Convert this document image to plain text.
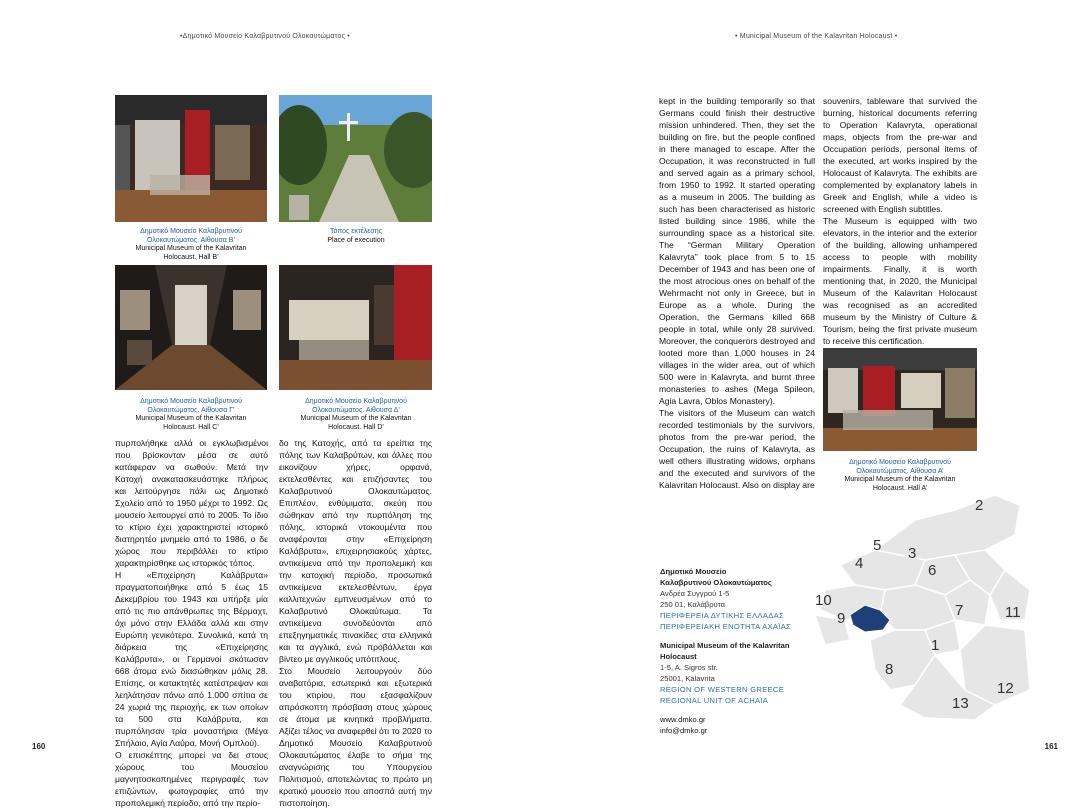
•Δημοτικό Μουσείο Καλαβρυτινού Ολοκαυτώματος •
Δημοτικό Μουσείο Καλαβρυτινού Ολοκαυτώματος. Αίθουσα Β’
Municipal Museum of the Kalavritan Holocaust. Hall B’
Τόπος εκτέλεσης
Place of execution
Δημοτικό Μουσείο Καλαβρυτινού Ολοκαυτώματος. Αίθουσα Γ’
Municipal Museum of the Kalavritan Holocaust. Hall C’
Δημοτικό Μουσείο Καλαβρυτινού Ολοκαυτώματος. Αίθουσα Δ’
Municipal Museum of the Kalavritan Holocaust. Hall D’

πυρπολήθηκε αλλά οι εγκλωβισμένοι που βρίσκονταν μέσα σε αυτό κατάφεραν να σωθούν. Μετά την Κατοχή ανακατασκευάστηκε πλήρως και λειτούργησε πάλι ως Δημοτικό Σχολείο από το 1950 μέχρι το 1992. Ως μουσείο λειτουργεί από το 2005. Το ίδιο το κτίριο έχει χαρακτηριστεί ιστορικό διατηρητέο μνημείο από το 1986, ο δε χώρος που περιβάλλει το κτίριο χαρακτηρίσθηκε ως ιστορικός τόπος.

Η «Επιχείρηση Καλάβρυτα» πραγματοποιήθηκε από 5 έως 15 Δεκεμβρίου του 1943 και υπήρξε μία από τις πιο απάνθρωπες της Βέρμαχτ, όχι μόνο στην Ελλάδα αλλά και στην Ευρώπη γενικότερα. Συνολικά, κατά τη διάρκεια της «Επιχείρησης Καλάβρυτα», οι Γερμανοί σκότωσαν 668 άτομα ενώ διασώθηκαν μόλις 28. Επίσης, οι κατακτητές κατέστρεψαν και λεηλάτησαν πάνω από 1.000 σπίτια σε 24 χωριά της περιοχής, εκ των οποίων τα 500 στα Καλάβρυτα, και πυρπόλησαν τρία μοναστήρια (Μέγα Σπήλαιο, Αγία Λαύρα, Μονή Ομπλού).

Ο επισκέπτης μπορεί να δει στους χώρους του Μουσείου μαγνητοσκοπημένες περιγραφές των επιζώντων, φωτογραφίες από την προπολεμική περίοδο, από την περίο-

δο της Κατοχής, από τα ερείπια της πόλης των Καλαβρύτων, και άλλες που εικονίζουν χήρες, ορφανά, εκτελεσθέντες και επιζήσαντες του Καλαβρυτινού Ολοκαυτώματος. Επιπλέον, ενθύμιματα, σκεύη που σώθηκαν από την πυρπόληση της πόλης, ιστορικά ντοκουμέντα που αναφέρονται στην «Επιχείρηση Καλάβρυτα», επιχειρησιακούς χάρτες, αντικείμενα από την προπολεμική και την κατοχική περίοδο, προσωπικά αντικείμενα εκτελεσθέντων, έργα καλλιτεχνών εμπνευσμένων από το Καλαβρυτινό Ολοκαύτωμα. Τα αντικείμενα συνοδεύονται από επεξηγηματικές πινακίδες στα ελληνικά και τα αγγλικά, ενώ προβάλλεται και βίντεο με αγγλικούς υπότιτλους.

Στο Μουσείο λειτουργούν δύο αναβατόρια, εσωτερικά και εξωτερικά του κτιρίου, που εξασφαλίζουν απρόσκοπτη πρόσβαση στους χώρους σε άτομα με κινητικά προβλήματα. Αξίζει τέλος να αναφερθεί ότι το 2020 το Δημοτικό Μουσείο Καλαβρυτινού Ολοκαυτώματος έλαβε το σήμα της αναγνώρισης του Υπουργείου Πολιτισμού, αποτελώντας το πρώτο μη κρατικό μουσείο που αποσπά αυτή την πιστοποίηση.

160
• Municipal Museum of the Kalavritan Holocaust •

kept in the building temporarily so that Germans could finish their destructive mission unhindered. Then, they set the building on fire, but the people confined in there managed to escape. After the Occupation, it was reconstructed in full and served again as a primary school, from 1950 to 1992. It started operating as a museum in 2005. The building as such has been characterised as historic listed building since 1986, while the surrounding space as a historical site. The “German Military Operation Kalavryta” took place from 5 to 15 December of 1943 and has been one of the most atrocious ones on behalf of the Wehrmacht not only in Greece, but in Europe as a whole. During the Operation, the Germans killed 668 people in total, while only 28 survived. Moreover, the conquerors destroyed and looted more than 1,000 houses in 24 villages in the wider area, out of which 500 were in Kalavryta, and burnt three monasteries to ashes (Mega Spileon, Agia Lavra, Oblos Monastery).

The visitors of the Museum can watch recorded testimonials by the survivors, photos from the pre-war period, the Occupation, the ruins of Kalavryta, as well others illustrating widows, orphans and the executed and survivors of the Kalavritan Holocaust. Also on display are

souvenirs, tableware that survived the burning, historical documents referring to Operation Kalavryta, operational maps, objects from the pre-war and Occupation periods, personal items of the executed, art works inspired by the Holocaust of Kalavryta. The exhibits are complemented by explanatory labels in Greek and English, while a video is screened with English subtitles.

The Museum is equipped with two elevators, in the interior and the exterior of the building, allowing unhampered access to people with mobility impairments. Finally, it is worth mentioning that, in 2020, the Municipal Museum of the Kalavritan Holocaust was recognised as an accredited museum by the Ministry of Culture & Tourism, being the first private museum to receive this certification.

Δημοτικό Μουσείο Καλαβρυτινού Ολοκαυτώματος. Αίθουσα Α’
Municipal Museum of the Kalavritan Holocaust. Hall A’
Δημοτικό Μουσείο
Καλαβρυτινού Ολοκαυτώματος
Ανδρέα Συγγρού 1-5
250 01, Καλάβρυτα
ΠΕΡΙΦΕΡΕΙΑ ΔΥΤΙΚΗΣ ΕΛΛΑΔΑΣ
ΠΕΡΙΦΕΡΕΙΑΚΗ ΕΝΟΤΗΤΑ ΑΧΑΪΑΣ
Municipal Museum of the Kalavritan
Holocaust
1-5, A. Sigros str.
25001, Kalavrita
REGION OF WESTERN GREECE
REGIONAL UNIT OF ACHAIA
www.dmko.gr
info@dmko.gr
2
5 3
4	6
10
7	11
9
1
8
12
13
161
